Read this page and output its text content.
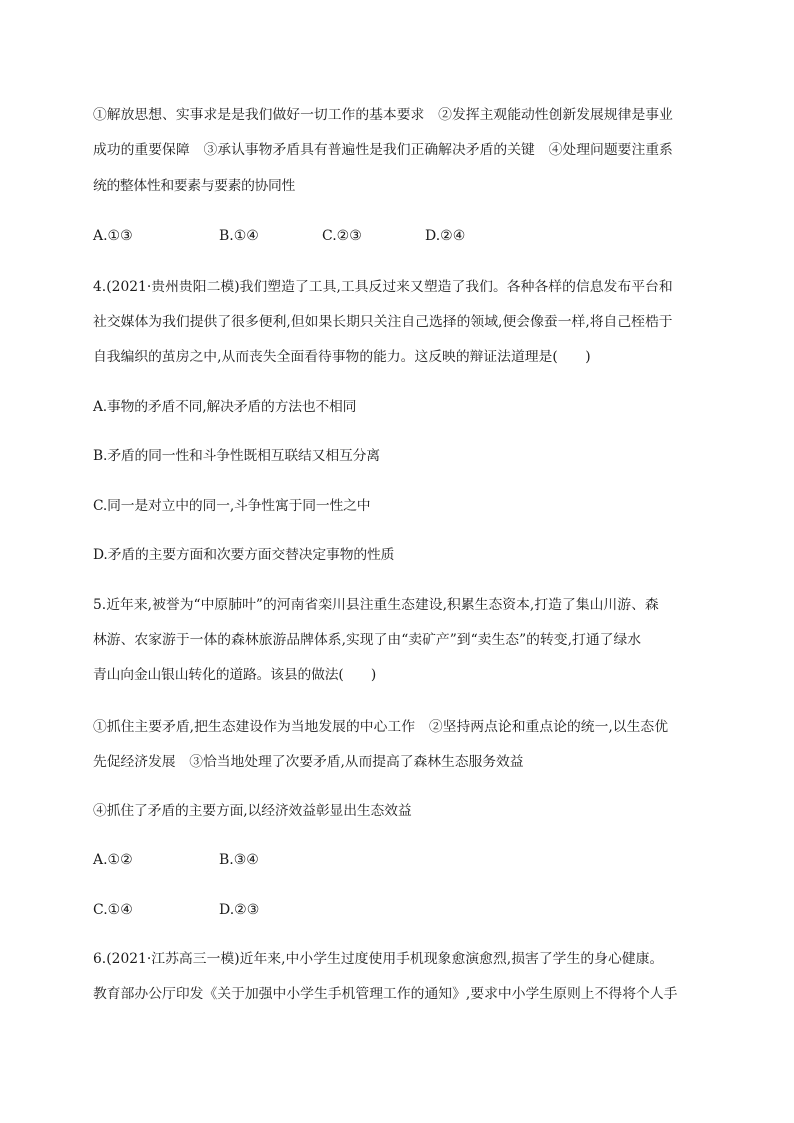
①解放思想、实事求是是我们做好一切工作的基本要求　②发挥主观能动性创新发展规律是事业
成功的重要保障　③承认事物矛盾具有普遍性是我们正确解决矛盾的关键　④处理问题要注重系
统的整体性和要素与要素的协同性
A.①③	B.①④	C.②③	D.②④
4.(2021·贵州贵阳二模)我们塑造了工具,工具反过来又塑造了我们。各种各样的信息发布平台和
社交媒体为我们提供了很多便利,但如果长期只关注自己选择的领域,便会像蚕一样,将自己桎梏于
自我编织的茧房之中,从而丧失全面看待事物的能力。这反映的辩证法道理是(　　)
A.事物的矛盾不同,解决矛盾的方法也不相同
B.矛盾的同一性和斗争性既相互联结又相互分离
C.同一是对立中的同一,斗争性寓于同一性之中
D.矛盾的主要方面和次要方面交替决定事物的性质
5.近年来,被誉为“中原肺叶”的河南省栾川县注重生态建设,积累生态资本,打造了集山川游、森
林游、农家游于一体的森林旅游品牌体系,实现了由“卖矿产”到“卖生态”的转变,打通了绿水
青山向金山银山转化的道路。该县的做法(　　)
①抓住主要矛盾,把生态建设作为当地发展的中心工作　②坚持两点论和重点论的统一,以生态优
先促经济发展　③恰当地处理了次要矛盾,从而提高了森林生态服务效益
④抓住了矛盾的主要方面,以经济效益彰显出生态效益
A.①②	B.③④
C.①④	D.②③
6.(2021·江苏高三一模)近年来,中小学生过度使用手机现象愈演愈烈,损害了学生的身心健康。
教育部办公厅印发《关于加强中小学生手机管理工作的通知》,要求中小学生原则上不得将个人手
